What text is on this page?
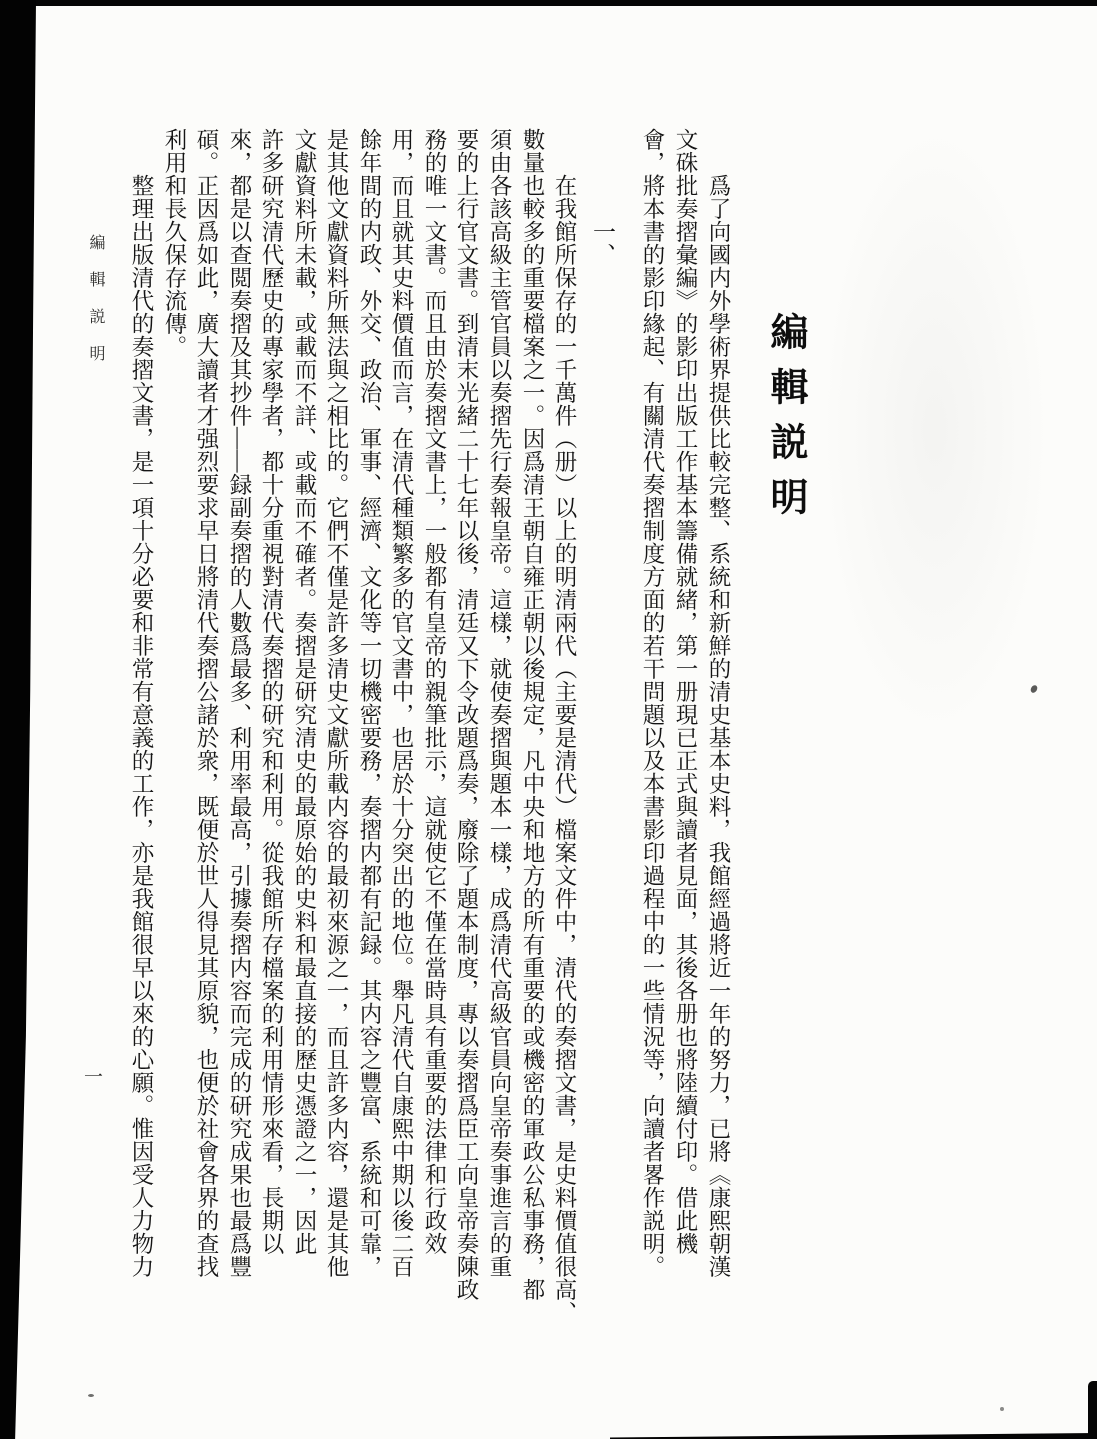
編輯説明
爲了向國内外學術界提供比較完整、系統和新鮮的清史基本史料，我館經過將近一年的努力，已將《康熙朝漢
文硃批奏摺彙編》的影印出版工作基本籌備就緒，第一册現已正式與讀者見面，其後各册也將陸續付印。借此機
會，將本書的影印緣起、有關清代奏摺制度方面的若干問題以及本書影印過程中的一些情況等，向讀者畧作説明。
一、
在我館所保存的一千萬件（册）以上的明清兩代（主要是清代）檔案文件中，清代的奏摺文書，是史料價值很高、
數量也較多的重要檔案之一。因爲清王朝自雍正朝以後規定，凡中央和地方的所有重要的或機密的軍政公私事務，都
須由各該高級主管官員以奏摺先行奏報皇帝。這樣，就使奏摺與題本一樣，成爲清代高級官員向皇帝奏事進言的重
要的上行官文書。到清末光緒二十七年以後，清廷又下令改題爲奏，廢除了題本制度，專以奏摺爲臣工向皇帝奏陳政
務的唯一文書。而且由於奏摺文書上，一般都有皇帝的親筆批示，這就使它不僅在當時具有重要的法律和行政效
用，而且就其史料價值而言，在清代種類繁多的官文書中，也居於十分突出的地位。舉凡清代自康熙中期以後二百
餘年間的内政、外交、政治、軍事、經濟、文化等一切機密要務，奏摺内都有記録。其内容之豐富、系統和可靠，
是其他文獻資料所無法與之相比的。它們不僅是許多清史文獻所載内容的最初來源之一，而且許多内容，還是其他
文獻資料所未載，或載而不詳、或載而不確者。奏摺是研究清史的最原始的史料和最直接的歷史憑證之一，因此
許多研究清代歷史的專家學者，都十分重視對清代奏摺的研究和利用。從我館所存檔案的利用情形來看，長期以
來，都是以查閲奏摺及其抄件——録副奏摺的人數爲最多、利用率最高，引據奏摺内容而完成的研究成果也最爲豐
碩。正因爲如此，廣大讀者才强烈要求早日將清代奏摺公諸於衆，既便於世人得見其原貌，也便於社會各界的查找
利用和長久保存流傳。
整理出版清代的奏摺文書，是一項十分必要和非常有意義的工作，亦是我館很早以來的心願。惟因受人力物力
編輯説明
一
